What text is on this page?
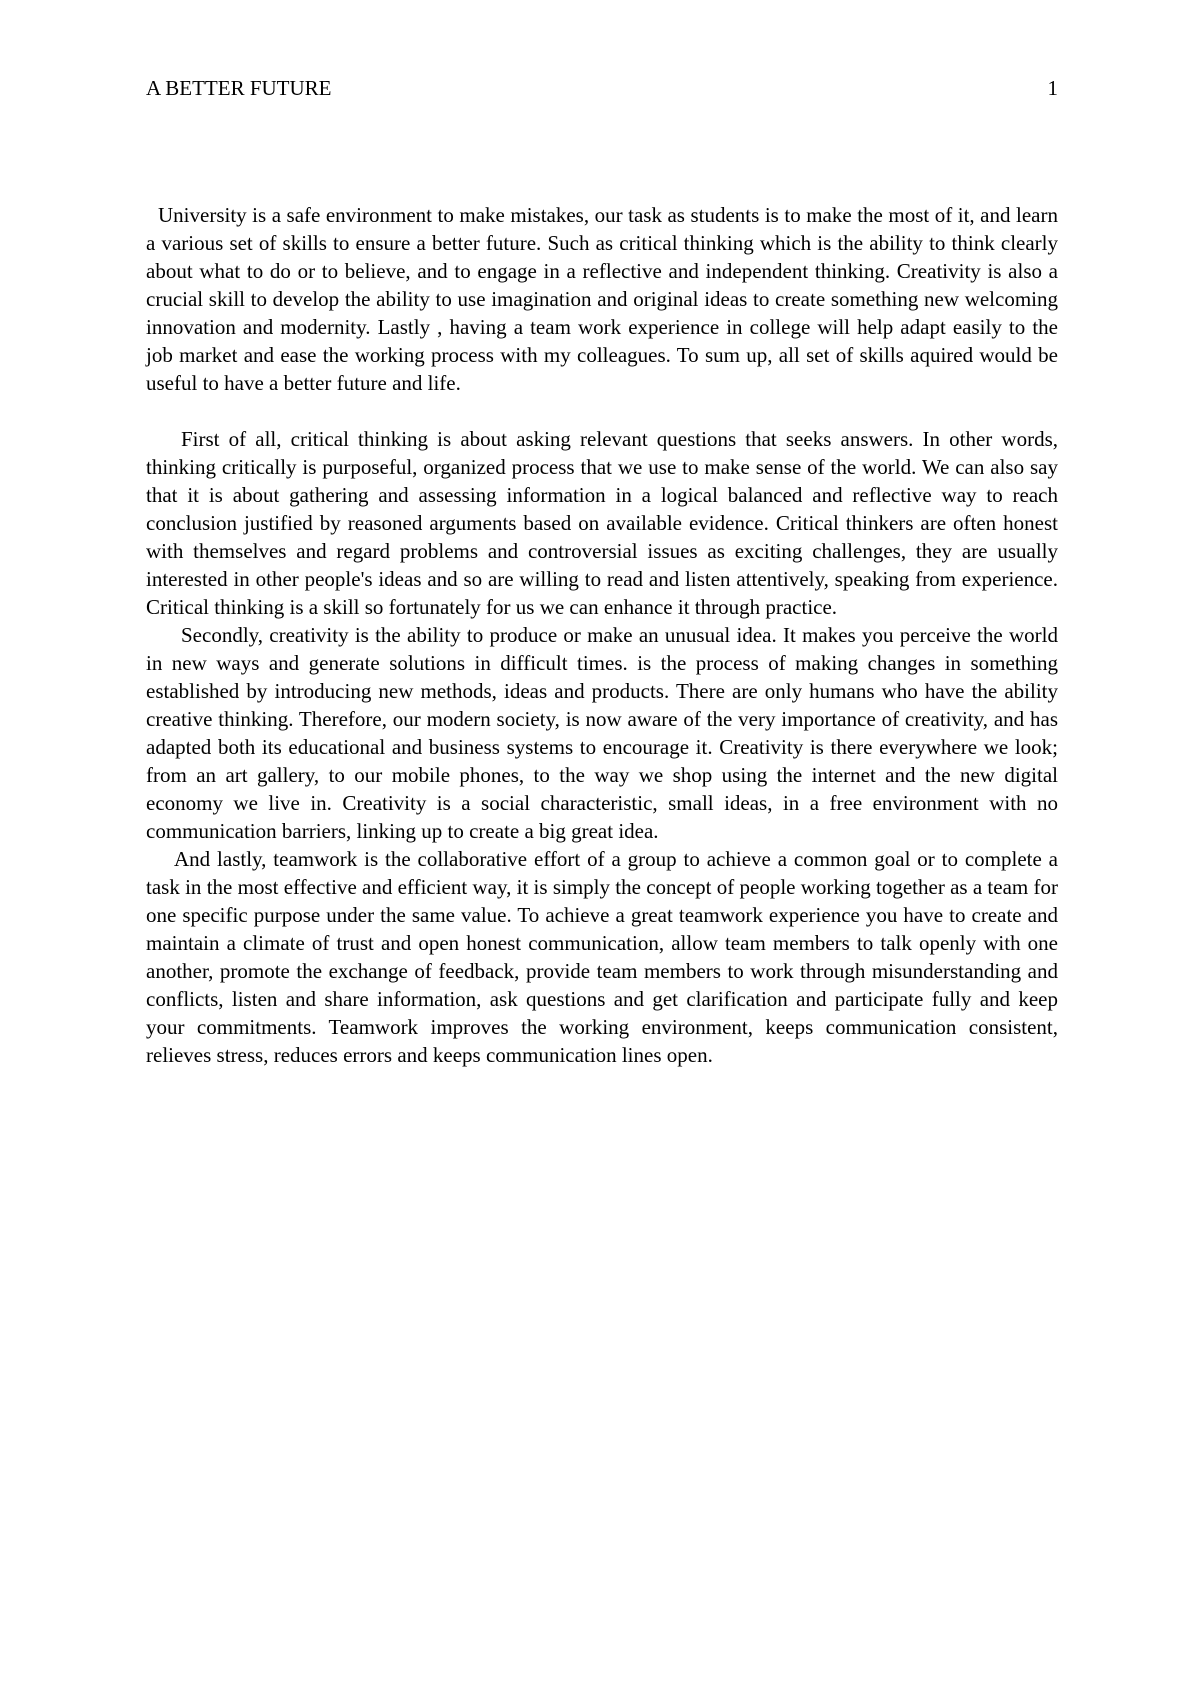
A BETTER FUTURE	1

University is a safe environment to make mistakes, our task as students is to make the most of it, and learn a various set of skills to ensure a better future. Such as critical thinking which is the ability to think clearly about what to do or to believe, and to engage in a reflective and independent thinking. Creativity is also a crucial skill to develop the ability to use imagination and original ideas to create something new welcoming innovation and modernity. Lastly , having a team work experience in college will help adapt easily to the job market and ease the working process with my colleagues. To sum up, all set of skills aquired would be useful to have a better future and life.

First of all, critical thinking is about asking relevant questions that seeks answers. In other words, thinking critically is purposeful, organized process that we use to make sense of the world. We can also say that it is about gathering and assessing information in a logical balanced and reflective way to reach conclusion justified by reasoned arguments based on available evidence. Critical thinkers are often honest with themselves and regard problems and controversial issues as exciting challenges, they are usually interested in other people's ideas and so are willing to read and listen attentively, speaking from experience. Critical thinking is a skill so fortunately for us we can enhance it through practice.

Secondly, creativity is the ability to produce or make an unusual idea. It makes you perceive the world in new ways and generate solutions in difficult times. is the process of making changes in something established by introducing new methods, ideas and products. There are only humans who have the ability creative thinking. Therefore, our modern society, is now aware of the very importance of creativity, and has adapted both its educational and business systems to encourage it. Creativity is there everywhere we look; from an art gallery, to our mobile phones, to the way we shop using the internet and the new digital economy we live in. Creativity is a social characteristic, small ideas, in a free environment with no communication barriers, linking up to create a big great idea.

And lastly, teamwork is the collaborative effort of a group to achieve a common goal or to complete a task in the most effective and efficient way, it is simply the concept of people working together as a team for one specific purpose under the same value. To achieve a great teamwork experience you have to create and maintain a climate of trust and open honest communication, allow team members to talk openly with one another, promote the exchange of feedback, provide team members to work through misunderstanding and conflicts, listen and share information, ask questions and get clarification and participate fully and keep your commitments. Teamwork improves the working environment, keeps communication consistent, relieves stress, reduces errors and keeps communication lines open.
